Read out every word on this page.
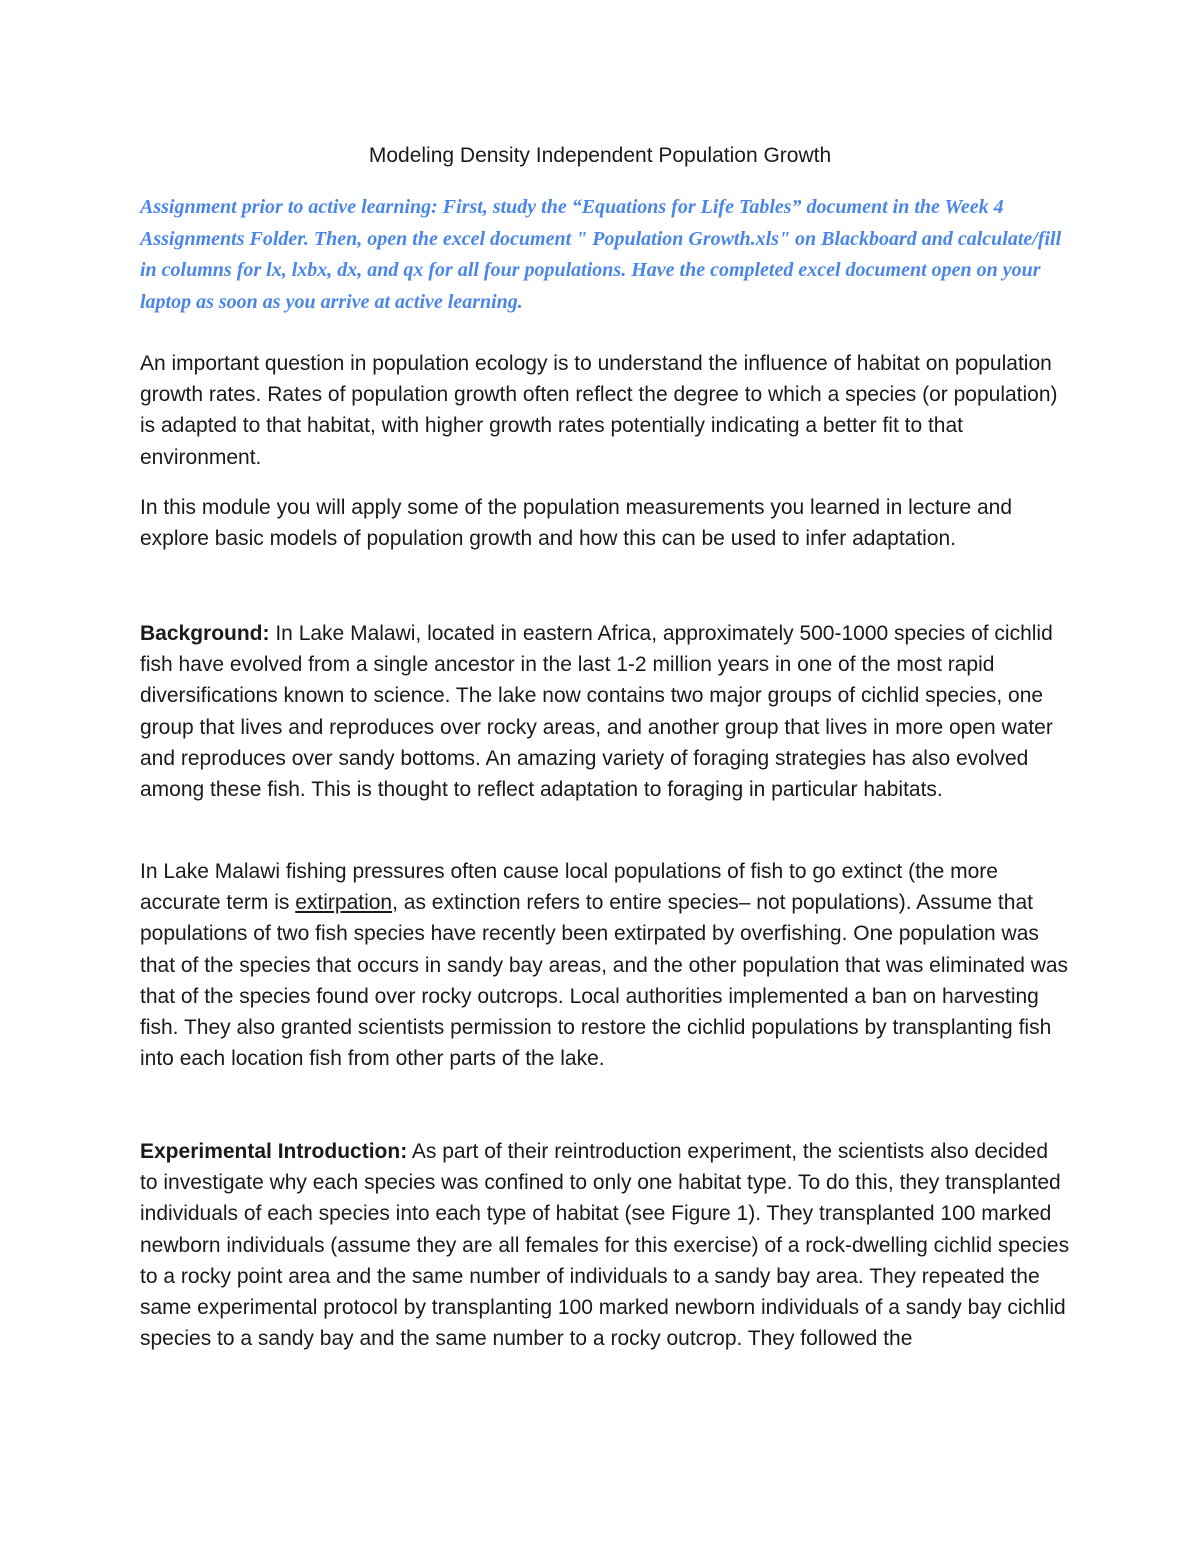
Modeling Density Independent Population Growth
Assignment prior to active learning: First, study the “Equations for Life Tables” document in the Week 4 Assignments Folder. Then, open the excel document " Population Growth.xls" on Blackboard and calculate/fill in columns for lx, lxbx, dx, and qx for all four populations. Have the completed excel document open on your laptop as soon as you arrive at active learning.

An important question in population ecology is to understand the influence of habitat on population growth rates. Rates of population growth often reflect the degree to which a species (or population) is adapted to that habitat, with higher growth rates potentially indicating a better fit to that environment.

In this module you will apply some of the population measurements you learned in lecture and explore basic models of population growth and how this can be used to infer adaptation.

Background: In Lake Malawi, located in eastern Africa, approximately 500-1000 species of cichlid fish have evolved from a single ancestor in the last 1-2 million years in one of the most rapid diversifications known to science. The lake now contains two major groups of cichlid species, one group that lives and reproduces over rocky areas, and another group that lives in more open water and reproduces over sandy bottoms. An amazing variety of foraging strategies has also evolved among these fish. This is thought to reflect adaptation to foraging in particular habitats.

In Lake Malawi fishing pressures often cause local populations of fish to go extinct (the more accurate term is extirpation, as extinction refers to entire species– not populations). Assume that populations of two fish species have recently been extirpated by overfishing. One population was that of the species that occurs in sandy bay areas, and the other population that was eliminated was that of the species found over rocky outcrops. Local authorities implemented a ban on harvesting fish. They also granted scientists permission to restore the cichlid populations by transplanting fish into each location fish from other parts of the lake.

Experimental Introduction: As part of their reintroduction experiment, the scientists also decided to investigate why each species was confined to only one habitat type. To do this, they transplanted individuals of each species into each type of habitat (see Figure 1). They transplanted 100 marked newborn individuals (assume they are all females for this exercise) of a rock-dwelling cichlid species to a rocky point area and the same number of individuals to a sandy bay area. They repeated the same experimental protocol by transplanting 100 marked newborn individuals of a sandy bay cichlid species to a sandy bay and the same number to a rocky outcrop. They followed the
